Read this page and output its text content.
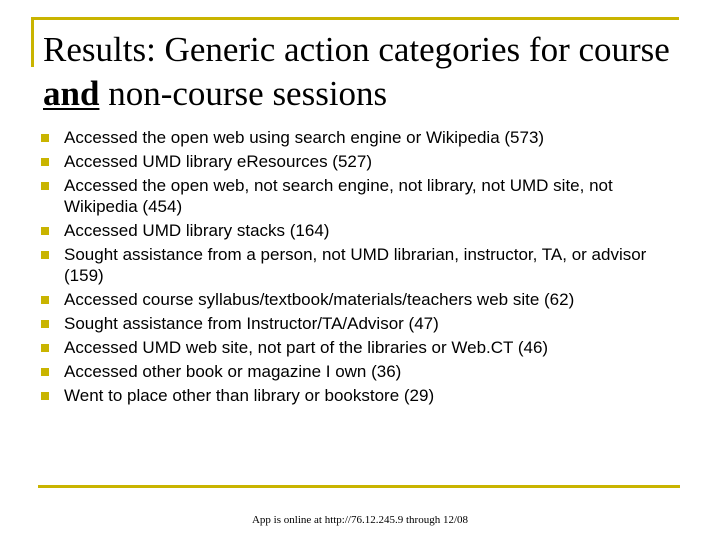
Results: Generic action categories for course and non-course sessions
Accessed the open web using search engine or Wikipedia (573)
Accessed UMD library eResources (527)
Accessed the open web, not search engine, not library, not UMD site, not Wikipedia (454)
Accessed UMD library stacks (164)
Sought assistance from a person, not UMD librarian, instructor, TA, or advisor (159)
Accessed course syllabus/textbook/materials/teachers web site (62)
Sought assistance from Instructor/TA/Advisor (47)
Accessed UMD web site, not part of the libraries or Web.CT (46)
Accessed other book or magazine I own (36)
Went to place other than library or bookstore (29)
App is online at http://76.12.245.9 through 12/08
